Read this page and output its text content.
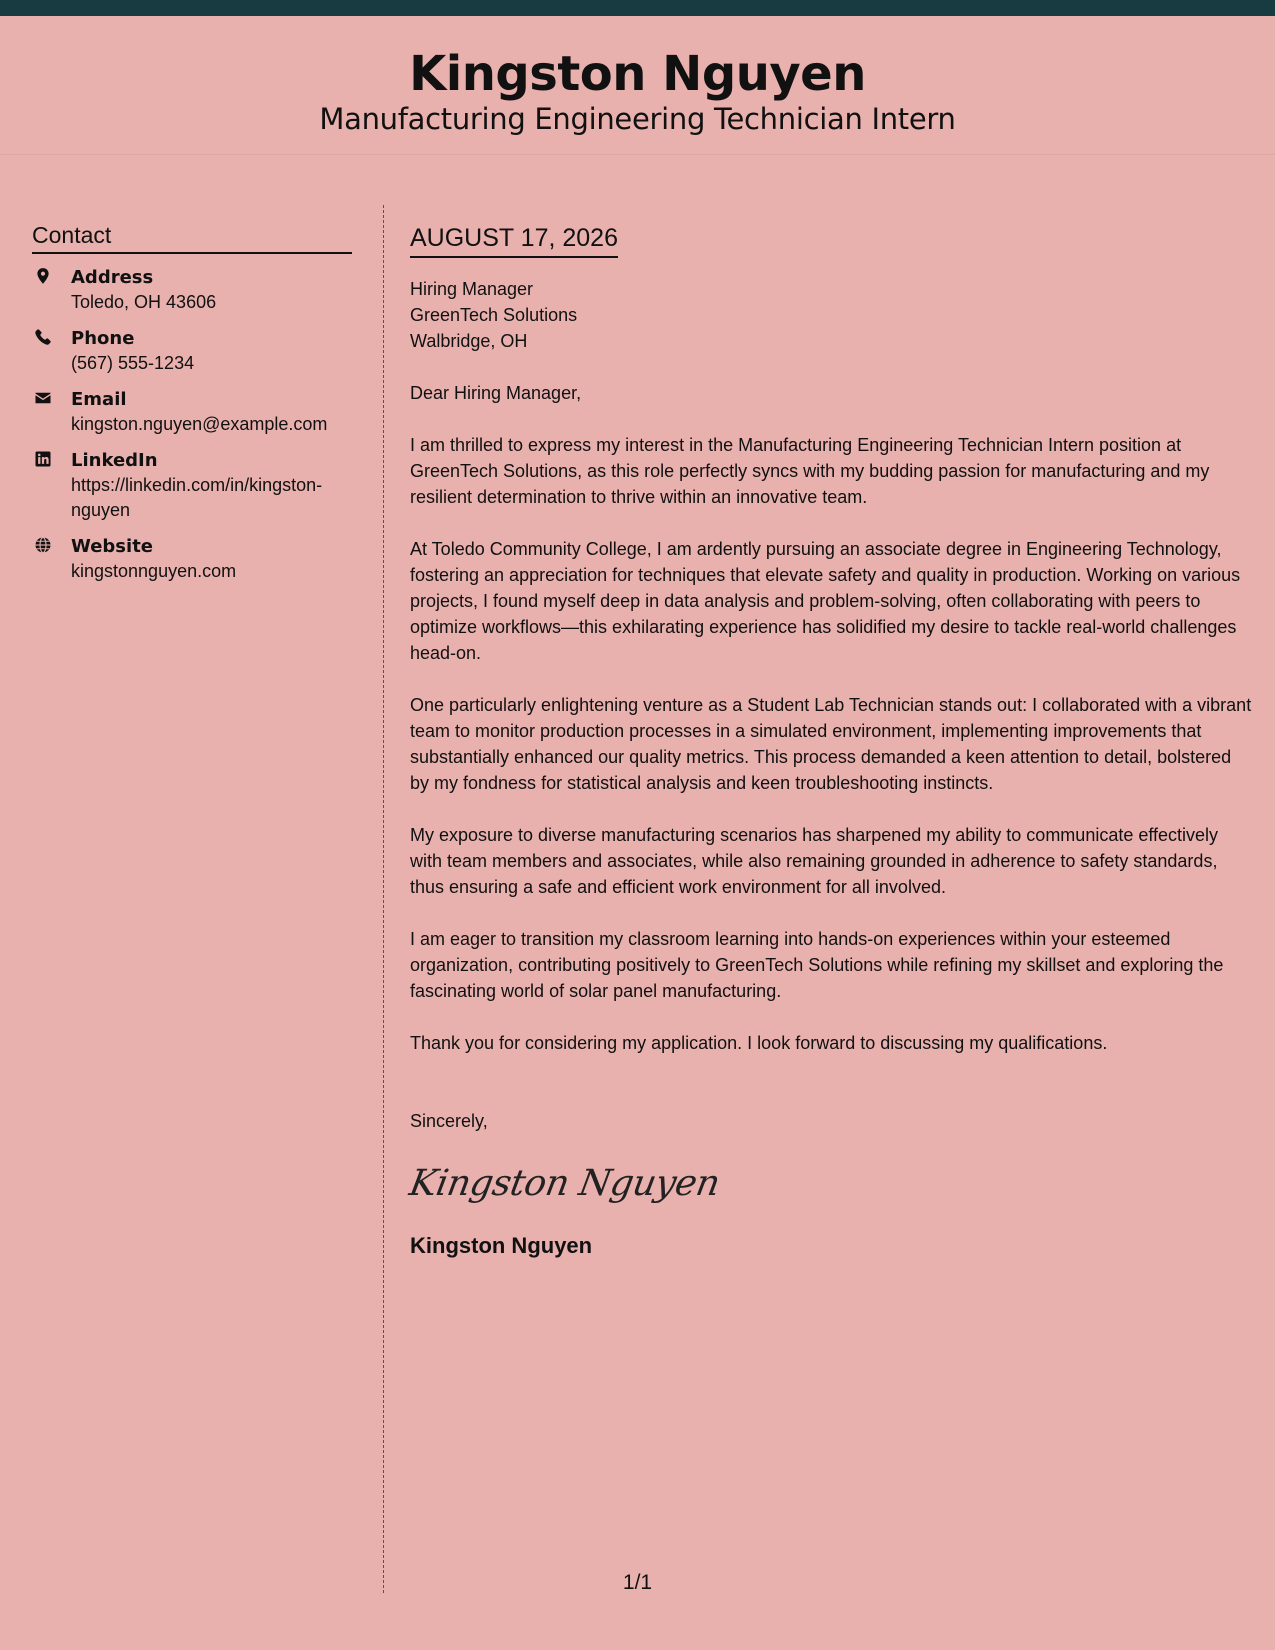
Kingston Nguyen
Manufacturing Engineering Technician Intern
Contact
Address
Toledo, OH 43606
Phone
(567) 555-1234
Email
kingston.nguyen@example.com
LinkedIn
https://linkedin.com/in/kingston-nguyen
Website
kingstonnguyen.com
AUGUST 17, 2026
Hiring Manager
GreenTech Solutions
Walbridge, OH
Dear Hiring Manager,
I am thrilled to express my interest in the Manufacturing Engineering Technician Intern position at GreenTech Solutions, as this role perfectly syncs with my budding passion for manufacturing and my resilient determination to thrive within an innovative team.
At Toledo Community College, I am ardently pursuing an associate degree in Engineering Technology, fostering an appreciation for techniques that elevate safety and quality in production. Working on various projects, I found myself deep in data analysis and problem-solving, often collaborating with peers to optimize workflows—this exhilarating experience has solidified my desire to tackle real-world challenges head-on.
One particularly enlightening venture as a Student Lab Technician stands out: I collaborated with a vibrant team to monitor production processes in a simulated environment, implementing improvements that substantially enhanced our quality metrics. This process demanded a keen attention to detail, bolstered by my fondness for statistical analysis and keen troubleshooting instincts.
My exposure to diverse manufacturing scenarios has sharpened my ability to communicate effectively with team members and associates, while also remaining grounded in adherence to safety standards, thus ensuring a safe and efficient work environment for all involved.
I am eager to transition my classroom learning into hands-on experiences within your esteemed organization, contributing positively to GreenTech Solutions while refining my skillset and exploring the fascinating world of solar panel manufacturing.
Thank you for considering my application. I look forward to discussing my qualifications.
Sincerely,
Kingston Nguyen
Kingston Nguyen
1/1
